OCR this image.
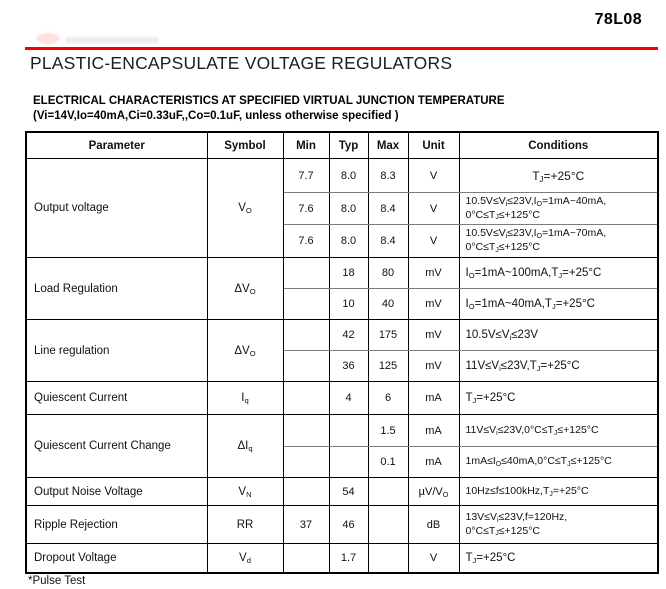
78L08
PLASTIC-ENCAPSULATE VOLTAGE REGULATORS
ELECTRICAL CHARACTERISTICS AT SPECIFIED VIRTUAL JUNCTION TEMPERATURE
(Vi=14V,Io=40mA,Ci=0.33uF,,Co=0.1uF, unless otherwise specified )
Parameter	Symbol	Min	Typ	Max	Unit	Conditions
Output voltage	$V_O$	7.7	8.0	8.3	V	$T_J=+25^\circ C$
		7.6	8.0	8.4	V	$10.5V\le V_i\le 23V,I_O=1mA\sim 40mA$,
$0^\circ C\le T_J\le+125^\circ C$
		7.6	8.0	8.4	V	$10.5V\le V_i\le 23V,I_O=1mA\sim 70mA$,
$0^\circ C\le T_J\le+125^\circ C$
Load Regulation	$\Delta V_O$		18	80	mV	$I_O=1mA\sim 100mA,T_J=+25^\circ C$
			10	40	mV	$I_O=1mA\sim 40mA,T_J=+25^\circ C$
Line regulation	$\Delta V_O$		42	175	mV	$10.5V\le V_i\le 23V$
			36	125	mV	$11V\le V_i\le 23V,T_J=+25^\circ C$
Quiescent Current	$I_q$		4	6	mA	$T_J=+25^\circ C$
Quiescent Current Change	$\Delta I_q$			1.5	mA	$11V\le V_i\le 23V,0^\circ C\le T_J\le+125^\circ C$
				0.1	mA	$1mA\le I_O\le 40mA,0^\circ C\le T_J\le+125^\circ C$
Output Noise Voltage	$V_N$		54		$\mu V/V_O$	$10Hz\le f\le 100kHz,T_J=+25^\circ C$
Ripple Rejection	RR	37	46		dB	$13V\le V_i\le 23V,f=120Hz$,
$0^\circ C\le T_J\le+125^\circ C$
Dropout Voltage	$V_d$		1.7		V	$T_J=+25^\circ C$
*Pulse Test
